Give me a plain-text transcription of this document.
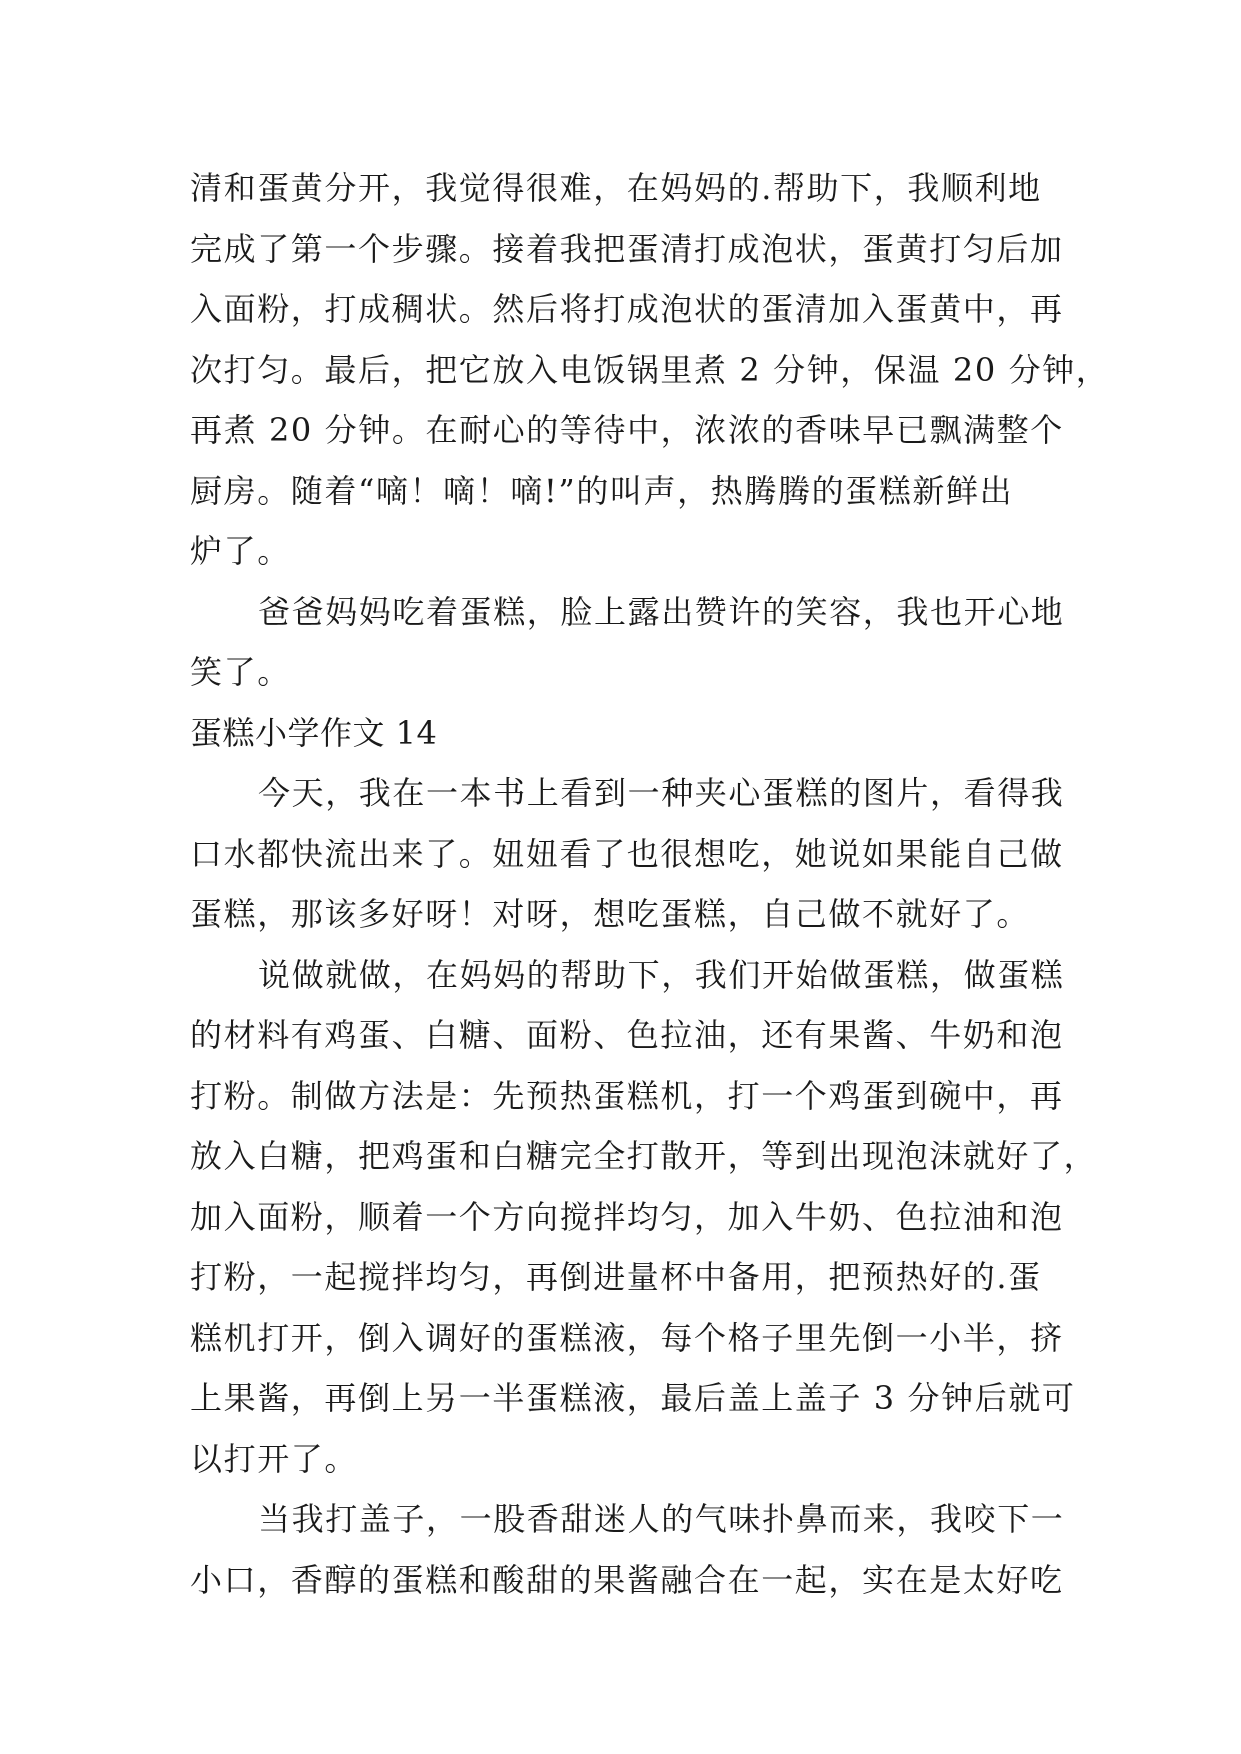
清和蛋黄分开，我觉得很难，在妈妈的.帮助下，我顺利地
完成了第一个步骤。接着我把蛋清打成泡状，蛋黄打匀后加
入面粉，打成稠状。然后将打成泡状的蛋清加入蛋黄中，再
次打匀。最后，把它放入电饭锅里煮 2 分钟，保温 20 分钟，
再煮 20 分钟。在耐心的等待中，浓浓的香味早已飘满整个
厨房。随着“嘀！嘀！嘀!”的叫声，热腾腾的蛋糕新鲜出
炉了。
爸爸妈妈吃着蛋糕，脸上露出赞许的笑容，我也开心地
笑了。
蛋糕小学作文 14
今天，我在一本书上看到一种夹心蛋糕的图片，看得我
口水都快流出来了。妞妞看了也很想吃，她说如果能自己做
蛋糕，那该多好呀！对呀，想吃蛋糕，自己做不就好了。
说做就做，在妈妈的帮助下，我们开始做蛋糕，做蛋糕
的材料有鸡蛋、白糖、面粉、色拉油，还有果酱、牛奶和泡
打粉。制做方法是：先预热蛋糕机，打一个鸡蛋到碗中，再
放入白糖，把鸡蛋和白糖完全打散开，等到出现泡沫就好了，
加入面粉，顺着一个方向搅拌均匀，加入牛奶、色拉油和泡
打粉，一起搅拌均匀，再倒进量杯中备用，把预热好的.蛋
糕机打开，倒入调好的蛋糕液，每个格子里先倒一小半，挤
上果酱，再倒上另一半蛋糕液，最后盖上盖子 3 分钟后就可
以打开了。
当我打盖子，一股香甜迷人的气味扑鼻而来，我咬下一
小口，香醇的蛋糕和酸甜的果酱融合在一起，实在是太好吃
